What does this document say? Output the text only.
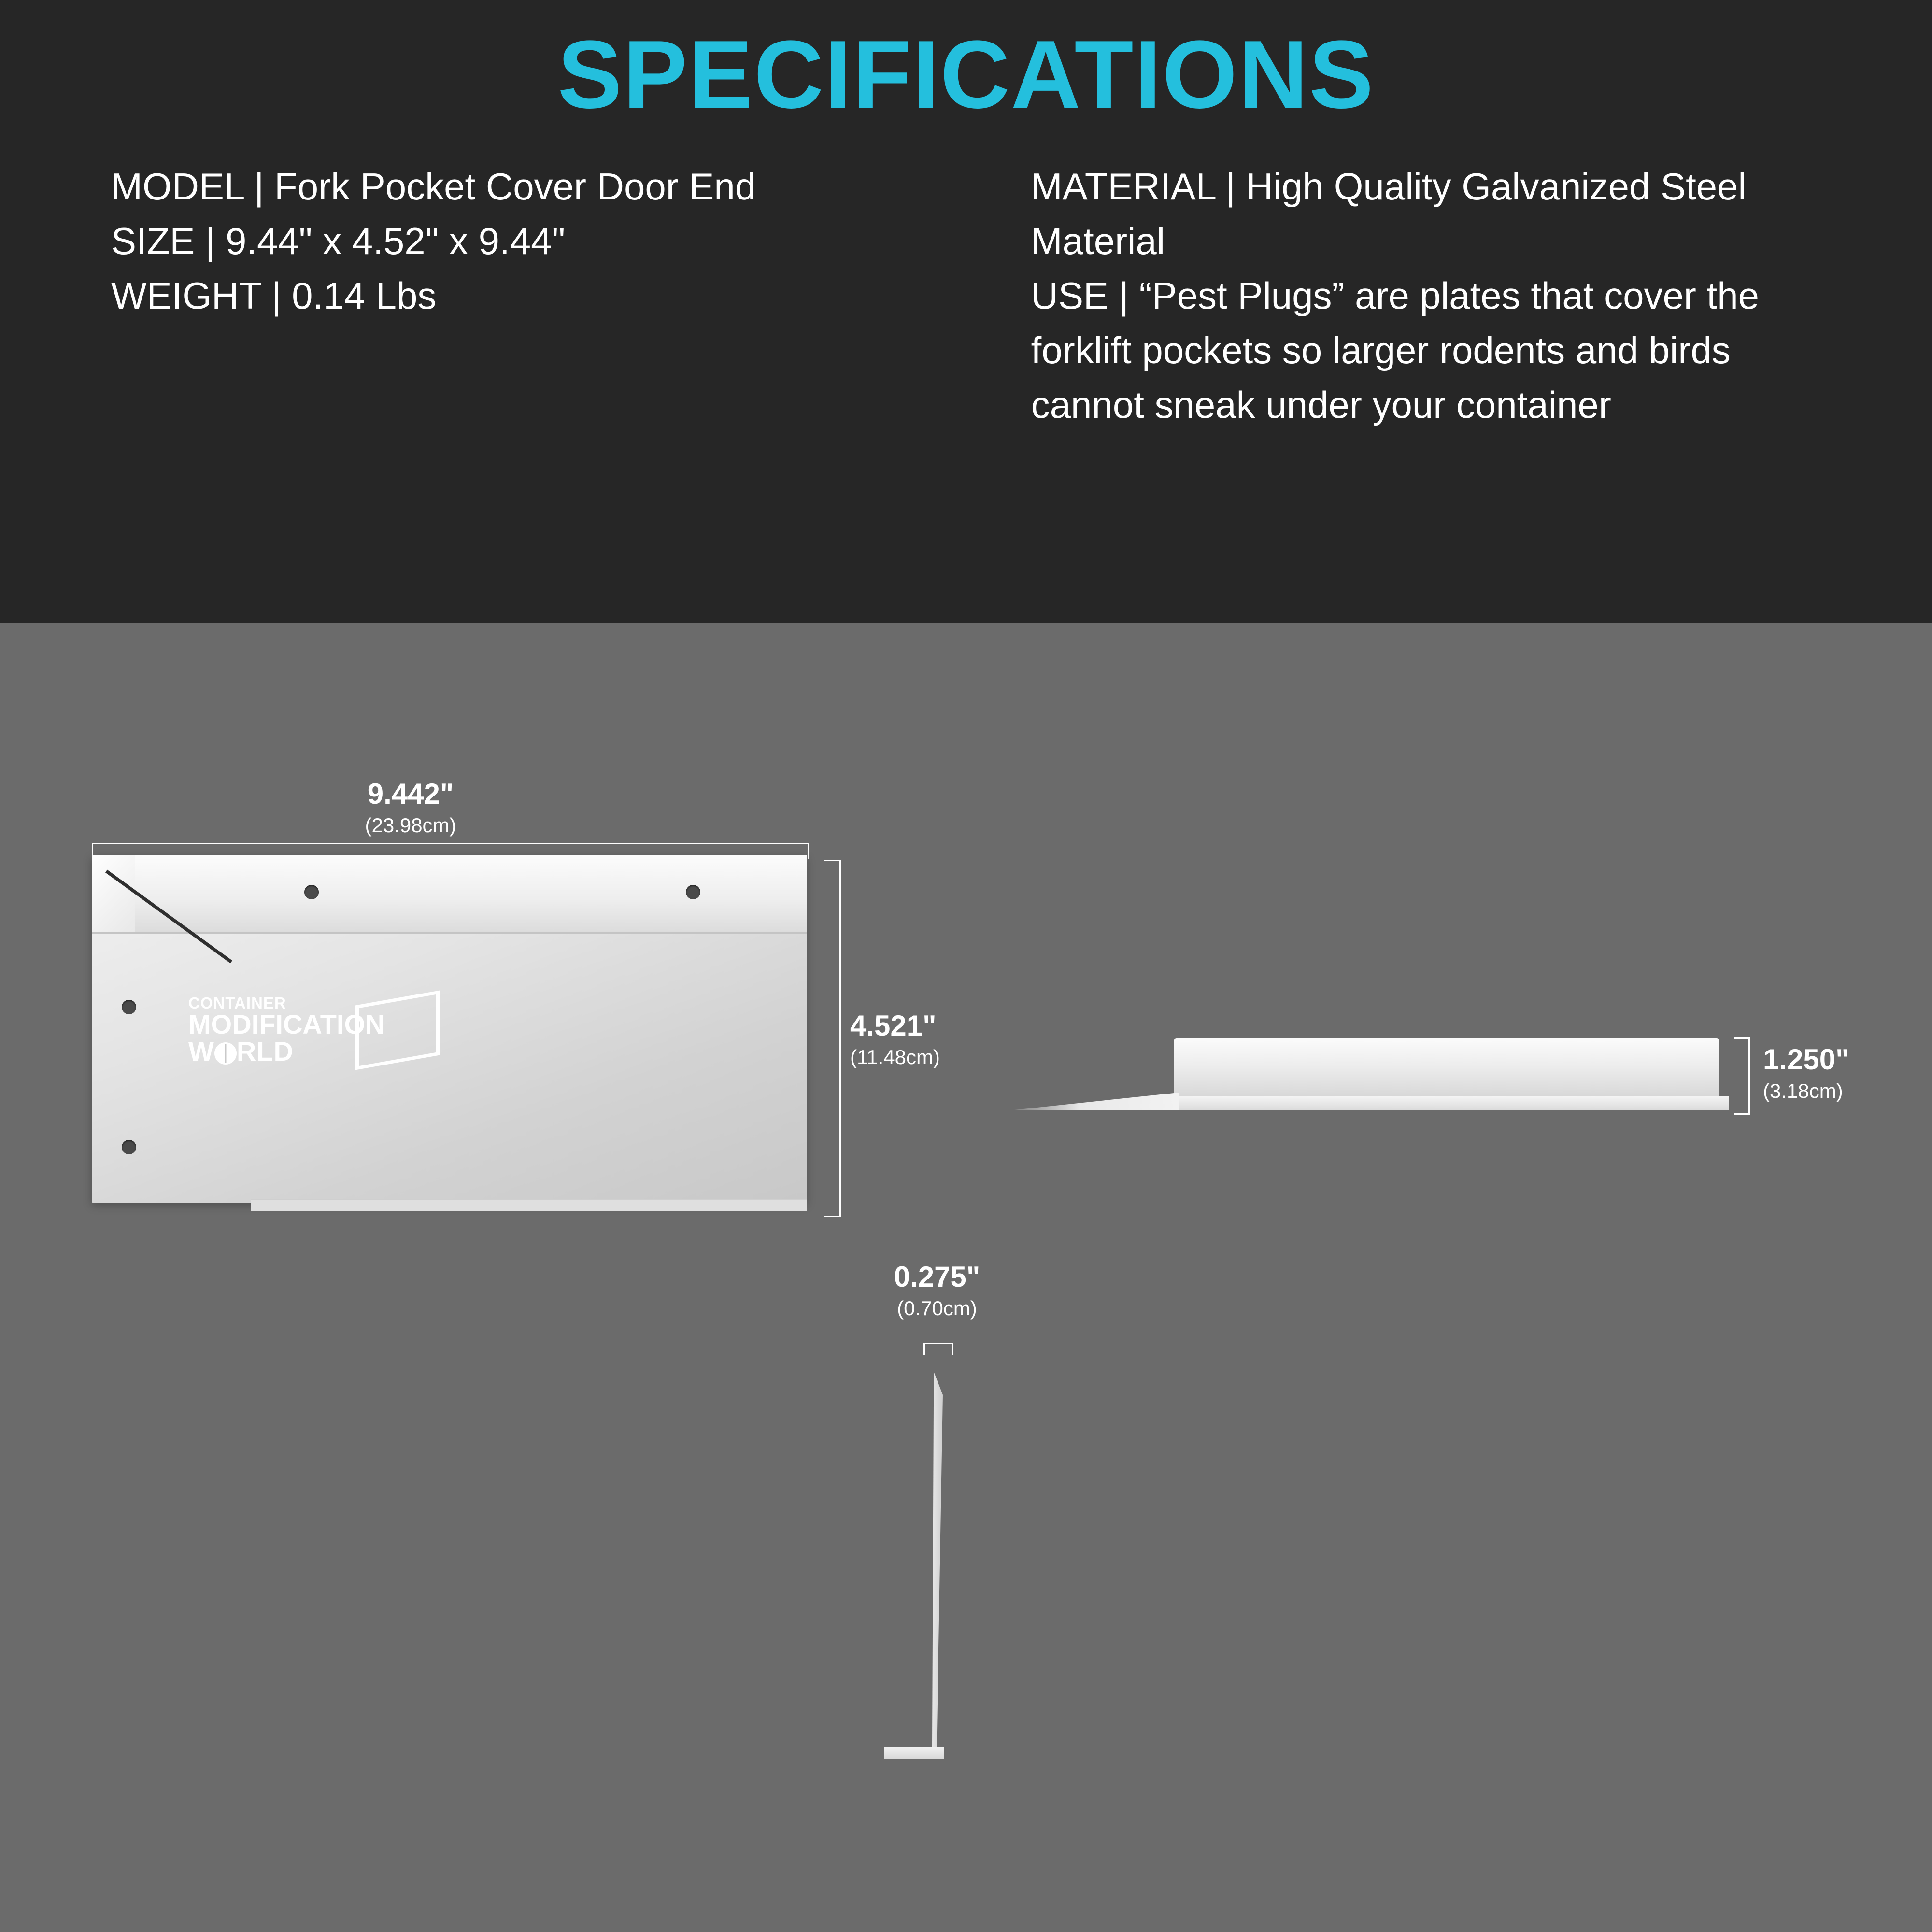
SPECIFICATIONS
MODEL | Fork Pocket Cover Door End
SIZE | 9.44" x 4.52" x 9.44"
WEIGHT | 0.14 Lbs
MATERIAL | High Quality Galvanized Steel Material
USE | “Pest Plugs” are plates that cover the forklift pockets so larger rodents and birds cannot sneak under your container
9.442"
(23.98cm)
CONTAINER
MODIFICATION
W RLD
4.521"
(11.48cm)	1.250"
(3.18cm)
0.275"
(0.70cm)
